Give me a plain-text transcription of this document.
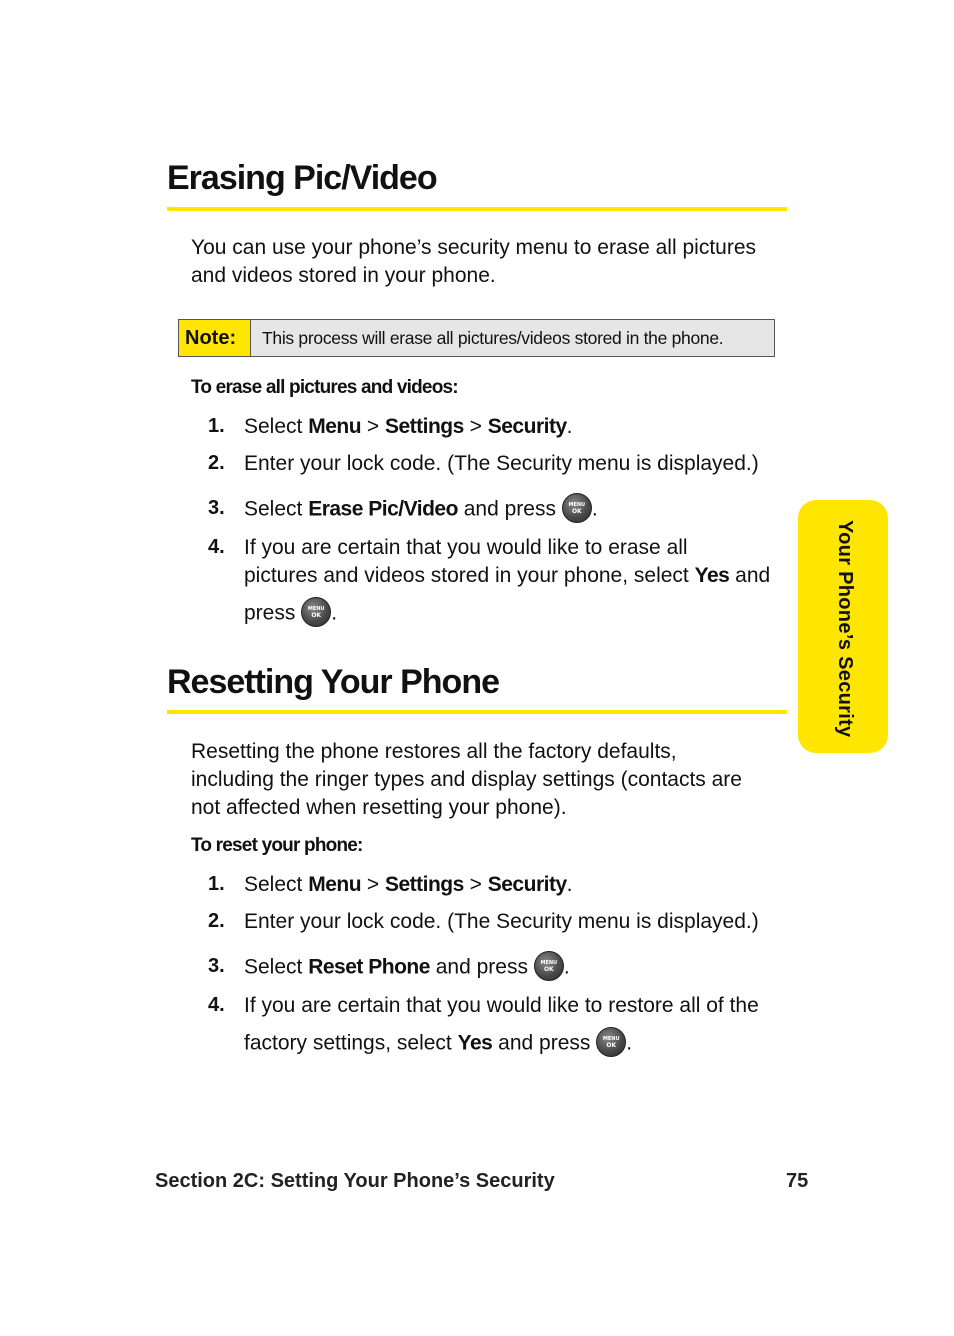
Erasing Pic/Video
You can use your phone’s security menu to erase all pictures
and videos stored in your phone.
Note:	This process will erase all pictures/videos stored in the phone.
To erase all pictures and videos:
1. Select Menu > Settings > Security.
2. Enter your lock code. (The Security menu is displayed.)
3. Select Erase Pic/Video and press	MENU
OK .
4. If you are certain that you would like to erase all
pictures and videos stored in your phone, select Yes and
press	MENU
OK .
Resetting Your Phone
Resetting the phone restores all the factory defaults,
including the ringer types and display settings (contacts are
not affected when resetting your phone).
To reset your phone:
1. Select Menu > Settings > Security.
2. Enter your lock code. (The Security menu is displayed.)
3. Select Reset Phone and press	MENU
OK .
4. If you are certain that you would like to restore all of the
factory settings, select Yes and press	MENU
OK .
Your Phone’s Security
Section 2C: Setting Your Phone’s Security	75
